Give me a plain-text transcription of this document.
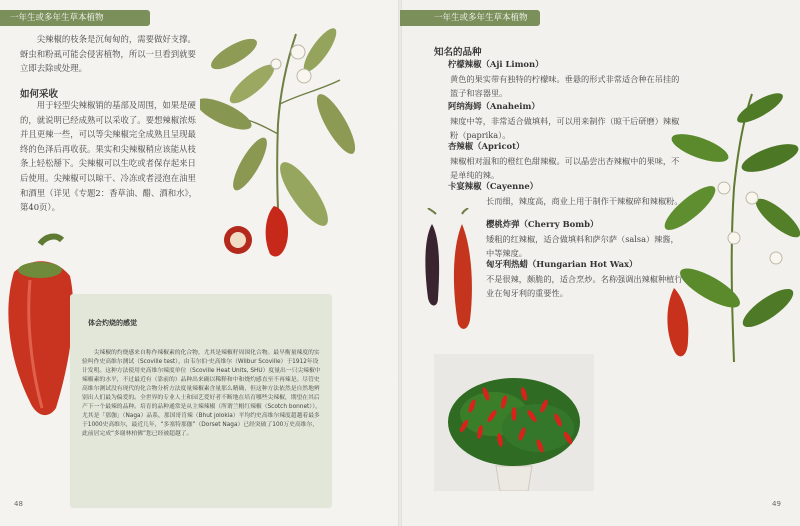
一年生或多年生草本植物	一年生或多年生草本植物

尖辣椒的枝条是沉甸甸的，需要做好支撑。蚜虫和粉虱可能会侵害植物，所以一旦看到就要立即去除或处理。

如何采收

用于轻型尖辣椒销的基部及周围，如果是硬的，就说明已经成熟可以采收了。要想辣椒浓烁并且更辣一些，可以等尖辣椒完全成熟且呈现最终的色泽后再收获。果实和尖辣椒稍应该能从枝条上轻松掰下。尖辣椒可以生吃或者保存起来日后使用。尖辣椒可以晾干、冷冻或者浸泡在油里和酒里（详见《专题2：香草油、醋、酒和水》，第40页）。

体会灼烧的感觉

尖辣椒的灼烧感来自称作辣椒素的化合物，尤其是辣椒籽周围化合物。最早衡量辣度的实验叫作史高维尔测试（Scoville test），由韦尔伯·史高维尔（Wilbur Scoville）于1912年设计发明。这种方法使用史高维尔辣度单位（Scoville Heat Units, SHU）度量出一只尖辣椒中辣椒素的水平，不过最近有（靠前的）品种出来确以稀释和中和烧灼感直至不再辣是。尽管史高维尔测试没有现代的化合物分析方法度量辣椒素含量那么精确，但这种方法依然是自然地辨别出人们最为偏爱的。全世界的专业人士和园艺爱好者不断地在培育哪些尖辣椒，期望在其后产下一个最辣的品种。培育的品种通常是从主辣辣椒（所谓兰帽红辣椒（Scotch bonnet）），尤其是「那伽」（Naga）品系，那国哥肯辣（Bhut jolokia）平均约史高维尔辣度超越着最多于1000史高维尔，最近几年，“多塞特那伽”（Dorset Naga）已经突破了100万史高维尔，此前居完成“多谢林柏佛”您已经被超越了。

48
知名的品种
柠檬辣椒（Aji Limon）

黄色的果实带有独特的柠檬味。垂悬的形式非常适合种在吊挂的篮子和容器里。

阿纳海姆（Anaheim）

辣度中等，非常适合做填料，可以用来制作（晾干后研磨）辣椒粉（paprika）。

杏辣椒（Apricot）

辣椒相对温和的橙红色甜辣椒。可以晶尝出杏辣椒中的果味，不是单纯的辣。

卡宴辣椒（Cayenne）

长而细，辣度高，商业上用于制作干辣椒碎和辣椒粉。

樱桃炸弹（Cherry Bomb）

矮粗的红辣椒，适合做填料和萨尔萨（salsa）辣酱，中等辣度。

匈牙利热蜡（Hungarian Hot Wax）

不是很辣，颇脆的，适合烹炒。名称强调出辣椒种植行业在匈牙利的重要性。

49
